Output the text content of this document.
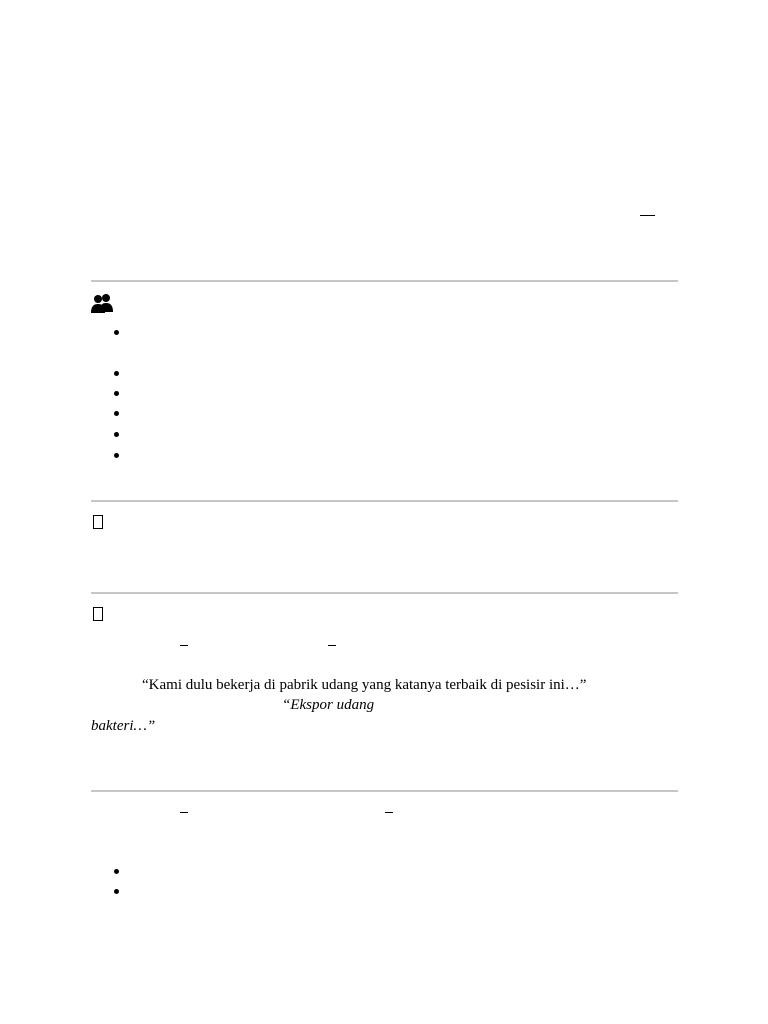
“Kami dulu bekerja di pabrik udang yang katanya terbaik di pesisir ini…”
“Ekspor udang
bakteri…”
